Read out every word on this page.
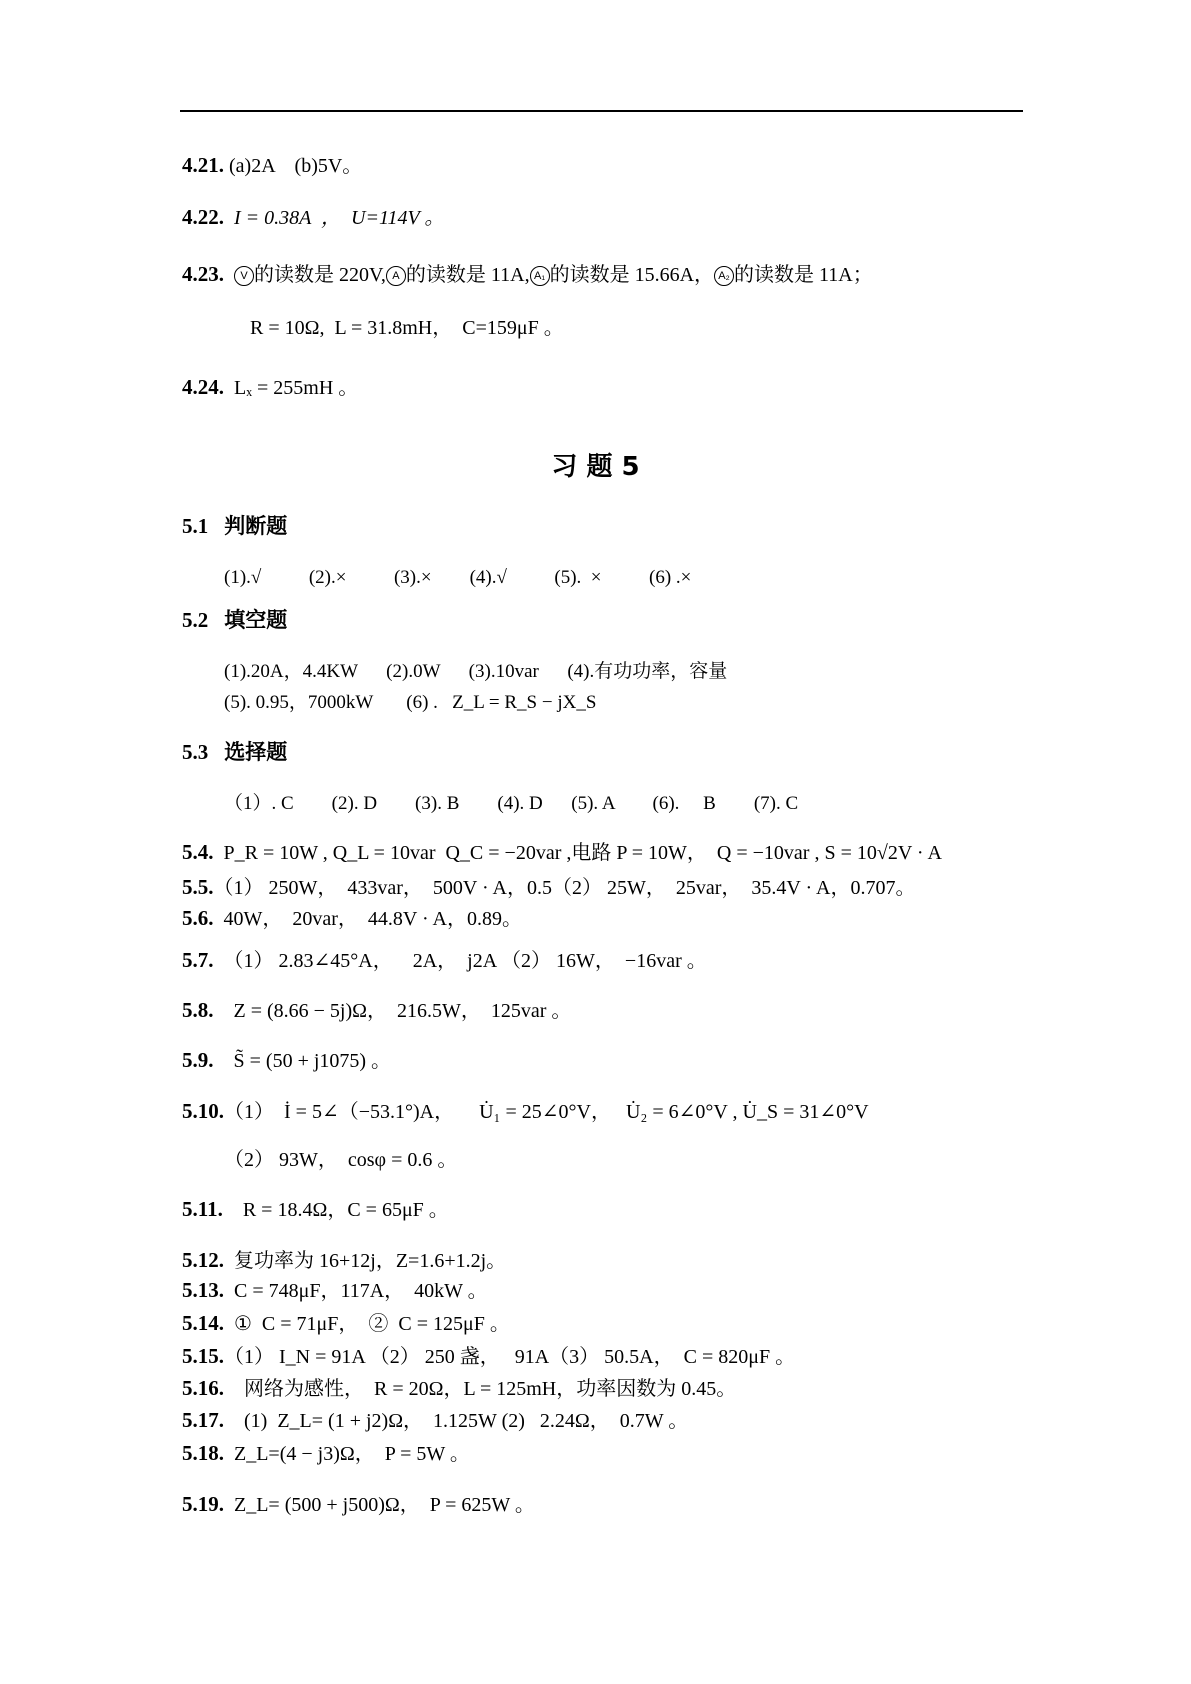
4.21. (a)2A    (b)5V。
4.22.  I = 0.38A  ，  U=114V 。
4.23. V 的读数是 220V, A 的读数是 11A, A₁ 的读数是 15.66A， A₂ 的读数是 11A；
R = 10Ω,  L = 31.8mH，  C=159μF 。
4.24.  Lₓ = 255mH 。
习 题 5
5.1 判断题
(1).√          (2).×          (3).×        (4).√          (5).  ×          (6) .×
5.2 填空题
(1).20A，4.4KW      (2).0W      (3).10var      (4).有功功率，容量
(5). 0.95，7000kW       (6) .   Z_L = R_S − jX_S
5.3 选择题
（1）. C        (2). D        (3). B        (4). D      (5). A        (6).     B        (7). C
5.4.  P_R = 10W , Q_L = 10var  Q_C = −20var ,电路 P = 10W，  Q = −10var , S = 10√2V · A
5.5.（1） 250W，  433var，  500V · A，0.5（2） 25W，  25var，  35.4V · A，0.707。
5.6.  40W，  20var，  44.8V · A，0.89。
5.7.  （1） 2.83∠45°A，    2A，  j2A （2） 16W，  −16var 。
5.8.    Z = (8.66 − 5j)Ω，  216.5W，  125var 。
5.9.    S̃ = (50 + j1075) 。
5.10.（1）  İ = 5∠（−53.1°)A，     U̇₁ = 25∠0°V，   U̇₂ = 6∠0°V , U̇_S = 31∠0°V
（2） 93W，  cosφ = 0.6 。
5.11.    R = 18.4Ω，C = 65μF 。
5.12.  复功率为 16+12j，Z=1.6+1.2j。
5.13.  C = 748μF，117A，  40kW 。
5.14.  ①  C = 71μF，  ②  C = 125μF 。
5.15.（1） I_N = 91A （2） 250 盏，   91A（3） 50.5A，  C = 820μF 。
5.16.    网络为感性，  R = 20Ω，L = 125mH，功率因数为 0.45。
5.17.    (1)  Z_L= (1 + j2)Ω，  1.125W (2)   2.24Ω，  0.7W 。
5.18.  Z_L=(4 − j3)Ω，  P = 5W 。
5.19.  Z_L= (500 + j500)Ω，  P = 625W 。
